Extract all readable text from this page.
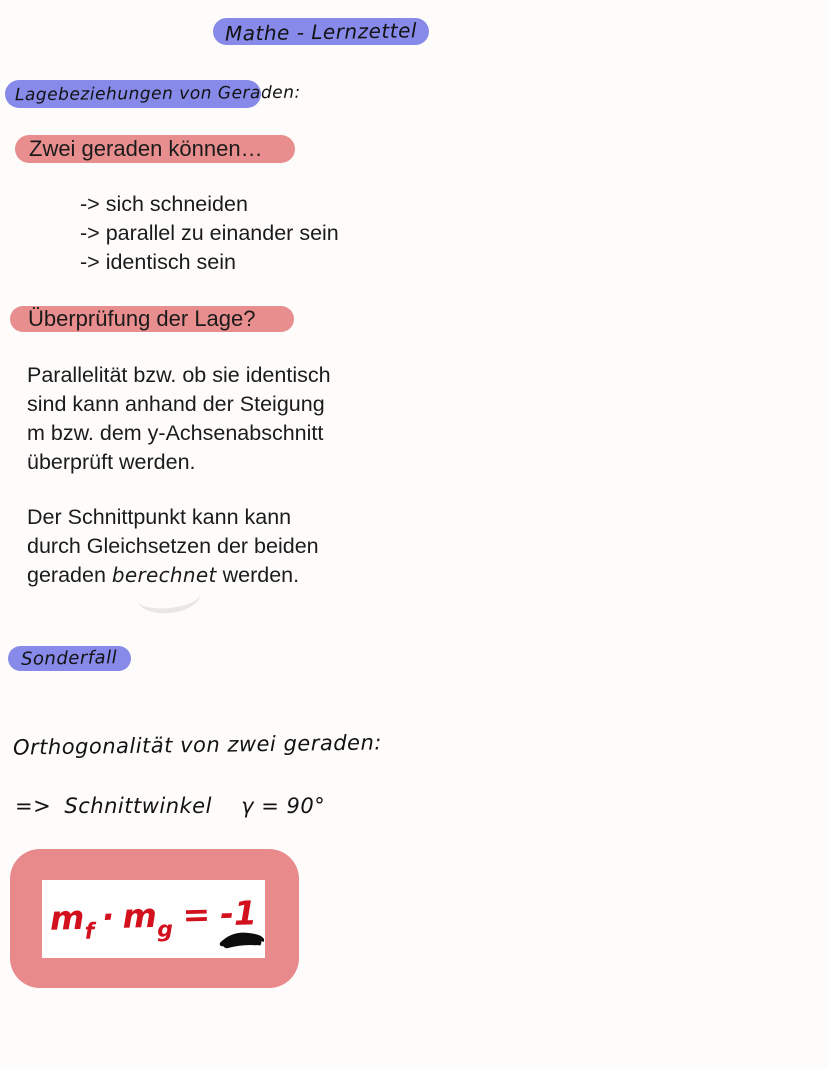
Mathe - Lernzettel
Lagebeziehungen von Geraden:
Zwei geraden können…
-> sich schneiden
-> parallel zu einander sein
-> identisch sein
Überprüfung der Lage?
Parallelität bzw. ob sie identisch
sind kann anhand der Steigung
m bzw. dem y-Achsenabschnitt
überprüft werden.
Der Schnittpunkt kann kann
durch Gleichsetzen der beiden
geraden berechnet werden.
Sonderfall
Orthogonalität von zwei geraden:
=> Schnittwinkel γ = 90°
$m_f \cdot m_g = -1$
